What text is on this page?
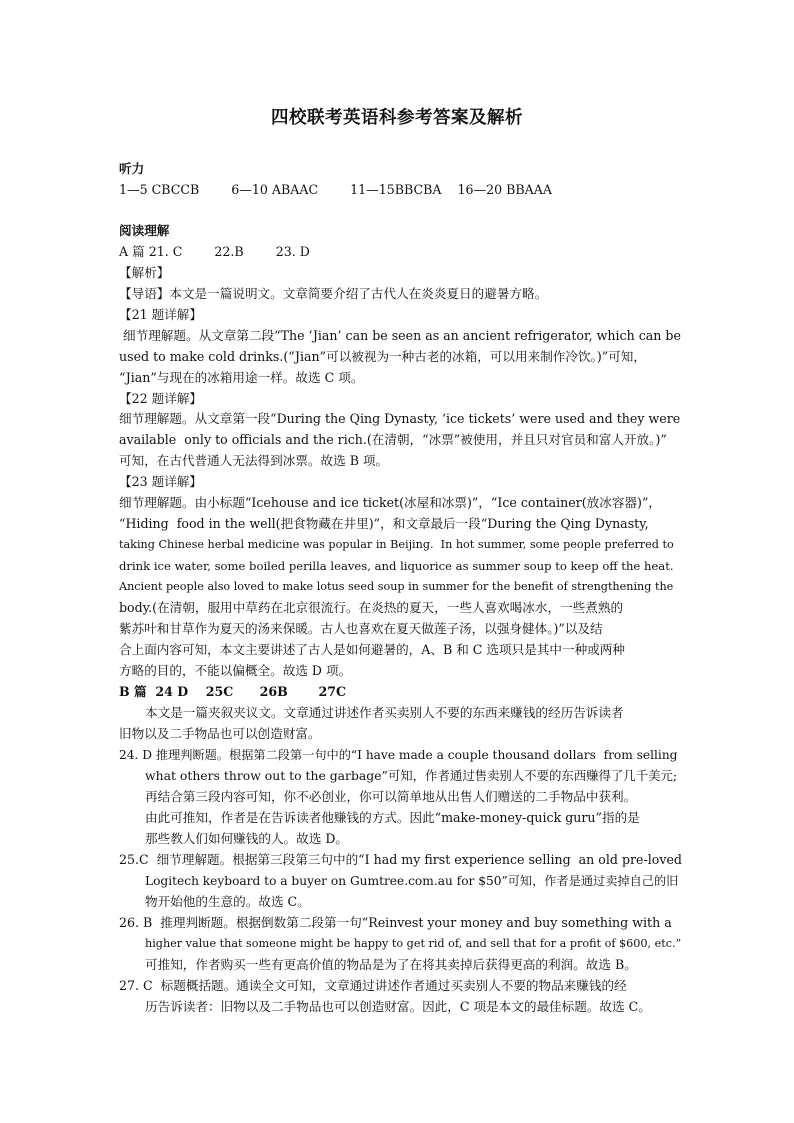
四校联考英语科参考答案及解析
听力
1—5 CBCCB        6—10 ABAAC        11—15BBCBA    16—20 BBAAA
阅读理解
A 篇 21. C        22.B        23. D
【解析】
【导语】本文是一篇说明文。文章简要介绍了古代人在炎炎夏日的避暑方略。
【21 题详解】
细节理解题。从文章第二段“The ‘Jian’ can be seen as an ancient refrigerator, which can be
used to make cold drinks.(“Jian”可以被视为一种古老的冰箱，可以用来制作冷饮。)”可知，
“Jian”与现在的冰箱用途一样。故选 C 项。
【22 题详解】
细节理解题。从文章第一段“During the Qing Dynasty, ‘ice tickets’ were used and they were
available  only to officials and the rich.(在清朝，“冰票”被使用，并且只对官员和富人开放。)”
可知，在古代普通人无法得到冰票。故选 B 项。
【23 题详解】
细节理解题。由小标题“Icehouse and ice ticket(冰屋和冰票)”，“Ice container(放冰容器)”，
“Hiding  food in the well(把食物藏在井里)”，和文章最后一段“During the Qing Dynasty,
taking Chinese herbal medicine was popular in Beijing.  In hot summer, some people preferred to
drink ice water, some boiled perilla leaves, and liquorice as summer soup to keep off the heat.
Ancient people also loved to make lotus seed soup in summer for the benefit of strengthening the
body.(在清朝，服用中草药在北京很流行。在炎热的夏天，一些人喜欢喝冰水，一些煮熟的
紫苏叶和甘草作为夏天的汤来保暖。古人也喜欢在夏天做莲子汤，以强身健体。)”以及结
合上面内容可知，本文主要讲述了古人是如何避暑的，A、B 和 C 选项只是其中一种或两种
方略的目的，不能以偏概全。故选 D 项。
B 篇  24 D    25C      26B       27C
本文是一篇夹叙夹议文。文章通过讲述作者买卖别人不要的东西来赚钱的经历告诉读者
旧物以及二手物品也可以创造财富。
24. D 推理判断题。根据第二段第一句中的“I have made a couple thousand dollars  from selling
what others throw out to the garbage”可知，作者通过售卖别人不要的东西赚得了几千美元;
再结合第三段内容可知，你不必创业，你可以简单地从出售人们赠送的二手物品中获利。
由此可推知，作者是在告诉读者他赚钱的方式。因此“make-money-quick guru”指的是
那些教人们如何赚钱的人。故选 D。
25.C  细节理解题。根据第三段第三句中的“I had my first experience selling  an old pre-loved
Logitech keyboard to a buyer on Gumtree.com.au for $50”可知，作者是通过卖掉自己的旧
物开始他的生意的。故选 C。
26. B  推理判断题。根据倒数第二段第一句“Reinvest your money and buy something with a
higher value that someone might be happy to get rid of, and sell that for a profit of $600, etc.”
可推知，作者购买一些有更高价值的物品是为了在将其卖掉后获得更高的利润。故选 B。
27. C  标题概括题。通读全文可知，文章通过讲述作者通过买卖别人不要的物品来赚钱的经
历告诉读者：旧物以及二手物品也可以创造财富。因此，C 项是本文的最佳标题。故选 C。
